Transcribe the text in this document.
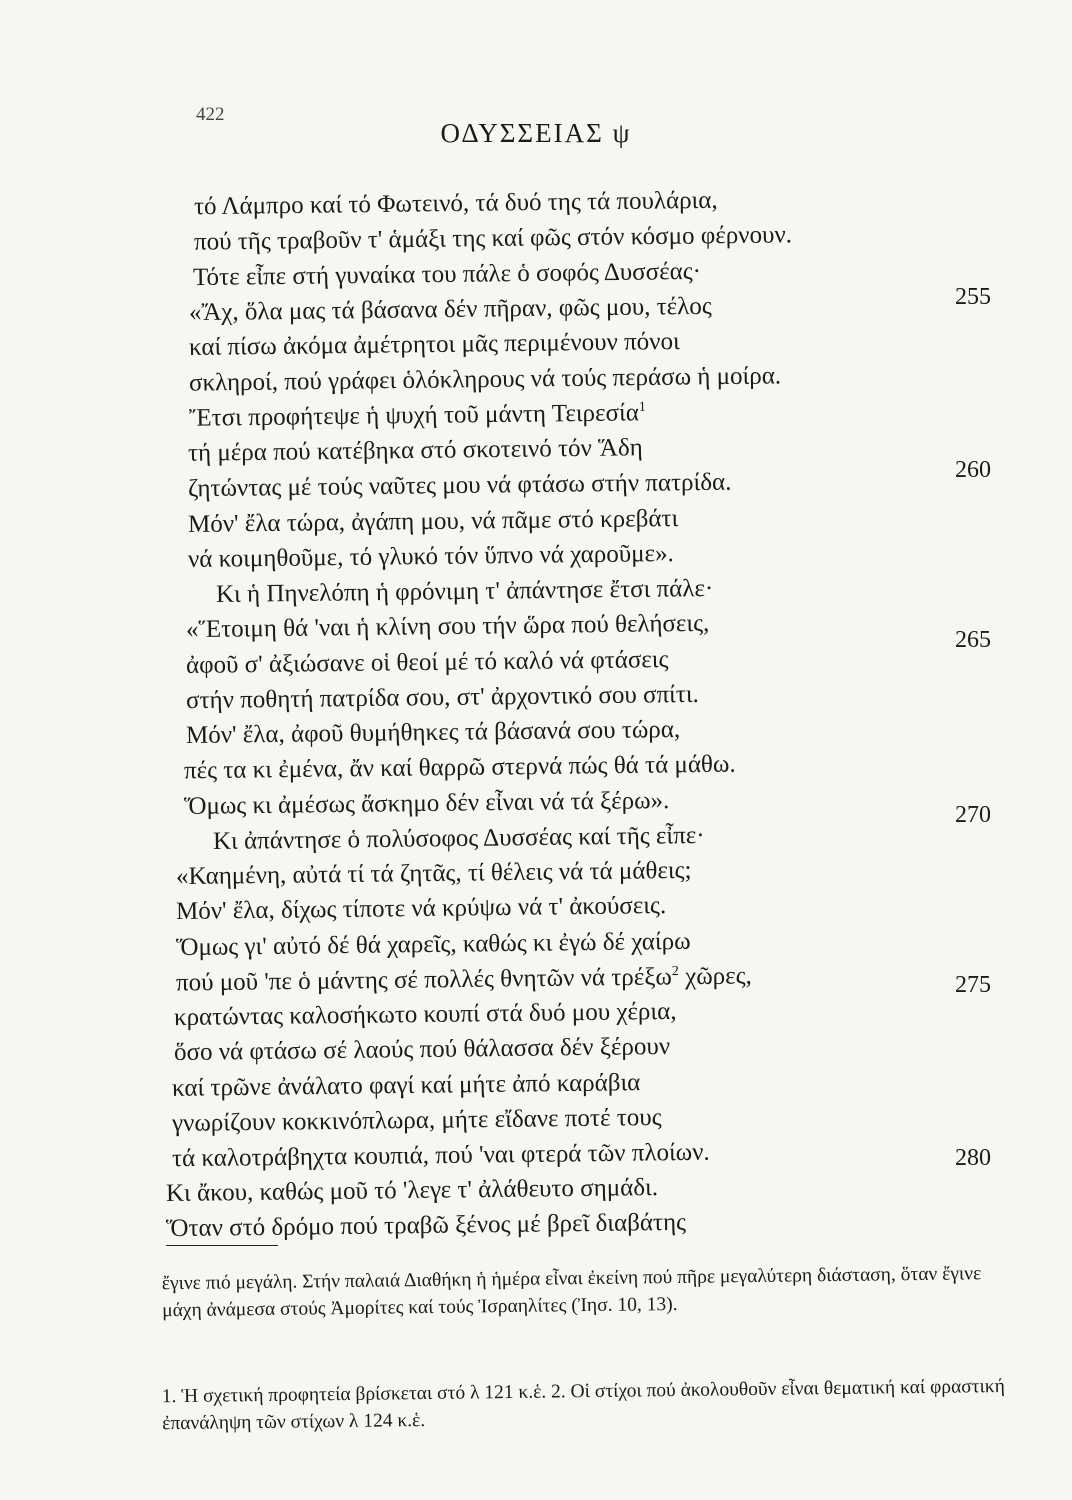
422
ΟΔΥΣΣΕΙΑΣ ψ
τό Λάμπρο καί τό Φωτεινό, τά δυό της τά πουλάρια,
πού τῆς τραβοῦν τ' ἁμάξι της καί φῶς στόν κόσμο φέρνουν.
Τότε εἶπε στή γυναίκα του πάλε ὁ σοφός Δυσσέας·
«Ἄχ, ὅλα μας τά βάσανα δέν πῆραν, φῶς μου, τέλος
καί πίσω ἀκόμα ἀμέτρητοι μᾶς περιμένουν πόνοι
σκληροί, πού γράφει ὁλόκληρους νά τούς περάσω ἡ μοίρα.
Ἔτσι προφήτεψε ἡ ψυχή τοῦ μάντη Τειρεσία$^1$
τή μέρα πού κατέβηκα στό σκοτεινό τόν Ἅδη
ζητώντας μέ τούς ναῦτες μου νά φτάσω στήν πατρίδα.
Μόν' ἔλα τώρα, ἀγάπη μου, νά πᾶμε στό κρεβάτι
νά κοιμηθοῦμε, τό γλυκό τόν ὕπνο νά χαροῦμε».
Κι ἡ Πηνελόπη ἡ φρόνιμη τ' ἀπάντησε ἔτσι πάλε·
«Ἕτοιμη θά 'ναι ἡ κλίνη σου τήν ὥρα πού θελήσεις,
ἀφοῦ σ' ἀξιώσανε οἱ θεοί μέ τό καλό νά φτάσεις
στήν ποθητή πατρίδα σου, στ' ἀρχοντικό σου σπίτι.
Μόν' ἔλα, ἀφοῦ θυμήθηκες τά βάσανά σου τώρα,
πές τα κι ἐμένα, ἄν καί θαρρῶ στερνά πώς θά τά μάθω.
Ὅμως κι ἀμέσως ἄσκημο δέν εἶναι νά τά ξέρω».
Κι ἀπάντησε ὁ πολύσοφος Δυσσέας καί τῆς εἶπε·
«Καημένη, αὐτά τί τά ζητᾶς, τί θέλεις νά τά μάθεις;
Μόν' ἔλα, δίχως τίποτε νά κρύψω νά τ' ἀκούσεις.
Ὅμως γι' αὐτό δέ θά χαρεῖς, καθώς κι ἐγώ δέ χαίρω
πού μοῦ 'πε ὁ μάντης σέ πολλές θνητῶν νά τρέξω$^2$ χῶρες,
κρατώντας καλοσήκωτο κουπί στά δυό μου χέρια,
ὅσο νά φτάσω σέ λαούς πού θάλασσα δέν ξέρουν
καί τρῶνε ἀνάλατο φαγί καί μήτε ἀπό καράβια
γνωρίζουν κοκκινόπλωρα, μήτε εἴδανε ποτέ τους
τά καλοτράβηχτα κουπιά, πού 'ναι φτερά τῶν πλοίων.
Κι ἄκου, καθώς μοῦ τό 'λεγε τ' ἀλάθευτο σημάδι.
Ὅταν στό δρόμο πού τραβῶ ξένος μέ βρεῖ διαβάτης
255
260
265
270
275
280
ἔγινε πιό μεγάλη. Στήν παλαιά Διαθήκη ἡ ἡμέρα εἶναι ἐκείνη πού πῆρε μεγαλύτερη διάσταση, ὅταν ἔγινε μάχη ἀνάμεσα στούς Ἀμορίτες καί τούς Ἰσραηλίτες (Ἰησ. 10, 13).
1. Ἡ σχετική προφητεία βρίσκεται στό λ 121 κ.ἑ. 2. Οἱ στίχοι πού ἀκολουθοῦν εἶναι θεματική καί φραστική ἐπανάληψη τῶν στίχων λ 124 κ.ἑ.
